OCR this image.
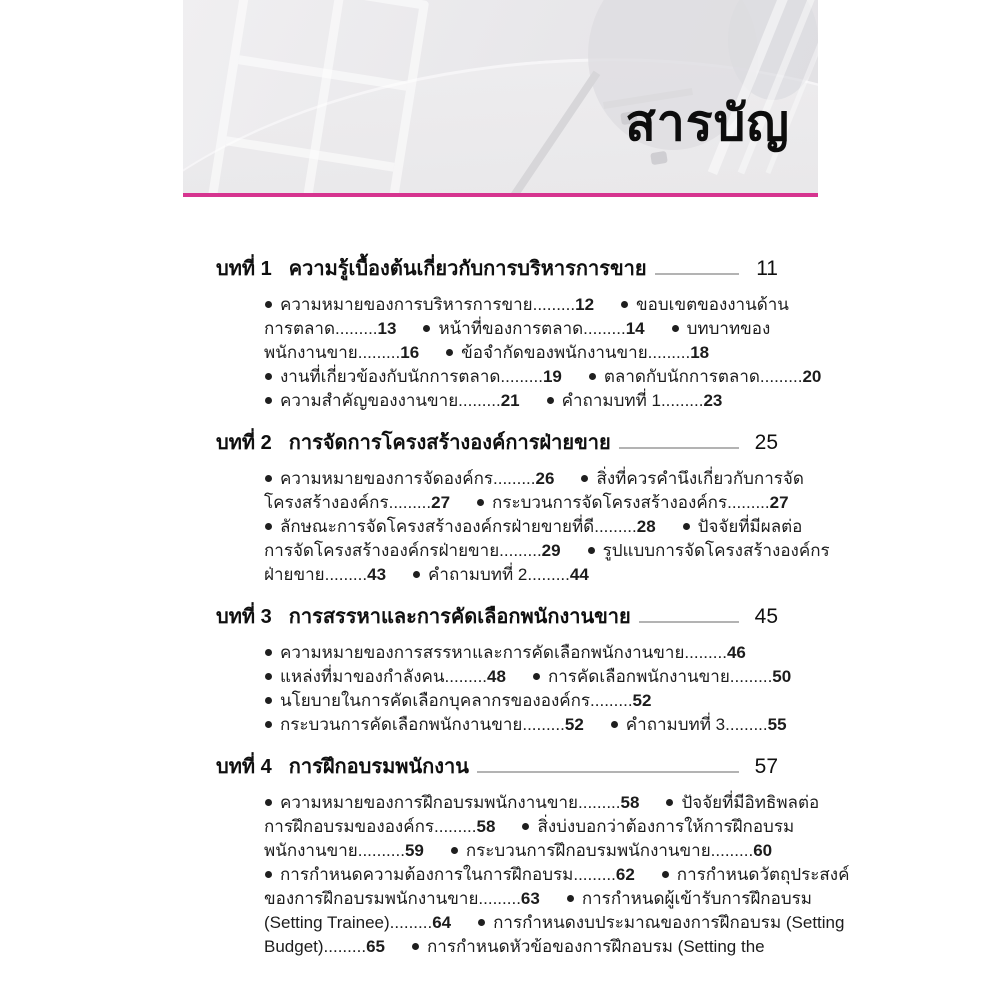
สารบัญ
บทที่ 1 ความรู้เบื้องต้นเกี่ยวกับการบริหารการขาย	11
ความหมายของการบริหารการขาย.........12 ขอบเขตของงานด้าน
การตลาด.........13 หน้าที่ของการตลาด.........14 บทบาทของ
พนักงานขาย.........16 ข้อจำกัดของพนักงานขาย.........18
งานที่เกี่ยวข้องกับนักการตลาด.........19 ตลาดกับนักการตลาด.........20
ความสำคัญของงานขาย.........21 คำถามบทที่ 1.........23
บทที่ 2 การจัดการโครงสร้างองค์การฝ่ายขาย	25
ความหมายของการจัดองค์กร.........26 สิ่งที่ควรคำนึงเกี่ยวกับการจัด
โครงสร้างองค์กร.........27 กระบวนการจัดโครงสร้างองค์กร.........27
ลักษณะการจัดโครงสร้างองค์กรฝ่ายขายที่ดี.........28 ปัจจัยที่มีผลต่อ
การจัดโครงสร้างองค์กรฝ่ายขาย.........29 รูปแบบการจัดโครงสร้างองค์กร
ฝ่ายขาย.........43 คำถามบทที่ 2.........44
บทที่ 3 การสรรหาและการคัดเลือกพนักงานขาย	45
ความหมายของการสรรหาและการคัดเลือกพนักงานขาย.........46
แหล่งที่มาของกำลังคน.........48 การคัดเลือกพนักงานขาย.........50
นโยบายในการคัดเลือกบุคลากรขององค์กร.........52
กระบวนการคัดเลือกพนักงานขาย.........52 คำถามบทที่ 3.........55
บทที่ 4 การฝึกอบรมพนักงาน	57
ความหมายของการฝึกอบรมพนักงานขาย.........58 ปัจจัยที่มีอิทธิพลต่อ
การฝึกอบรมขององค์กร.........58 สิ่งบ่งบอกว่าต้องการให้การฝึกอบรม
พนักงานขาย..........59 กระบวนการฝึกอบรมพนักงานขาย.........60
การกำหนดความต้องการในการฝึกอบรม.........62 การกำหนดวัตถุประสงค์
ของการฝึกอบรมพนักงานขาย.........63 การกำหนดผู้เข้ารับการฝึกอบรม
(Setting Trainee).........64 การกำหนดงบประมาณของการฝึกอบรม (Setting
Budget).........65 การกำหนดหัวข้อของการฝึกอบรม (Setting the
